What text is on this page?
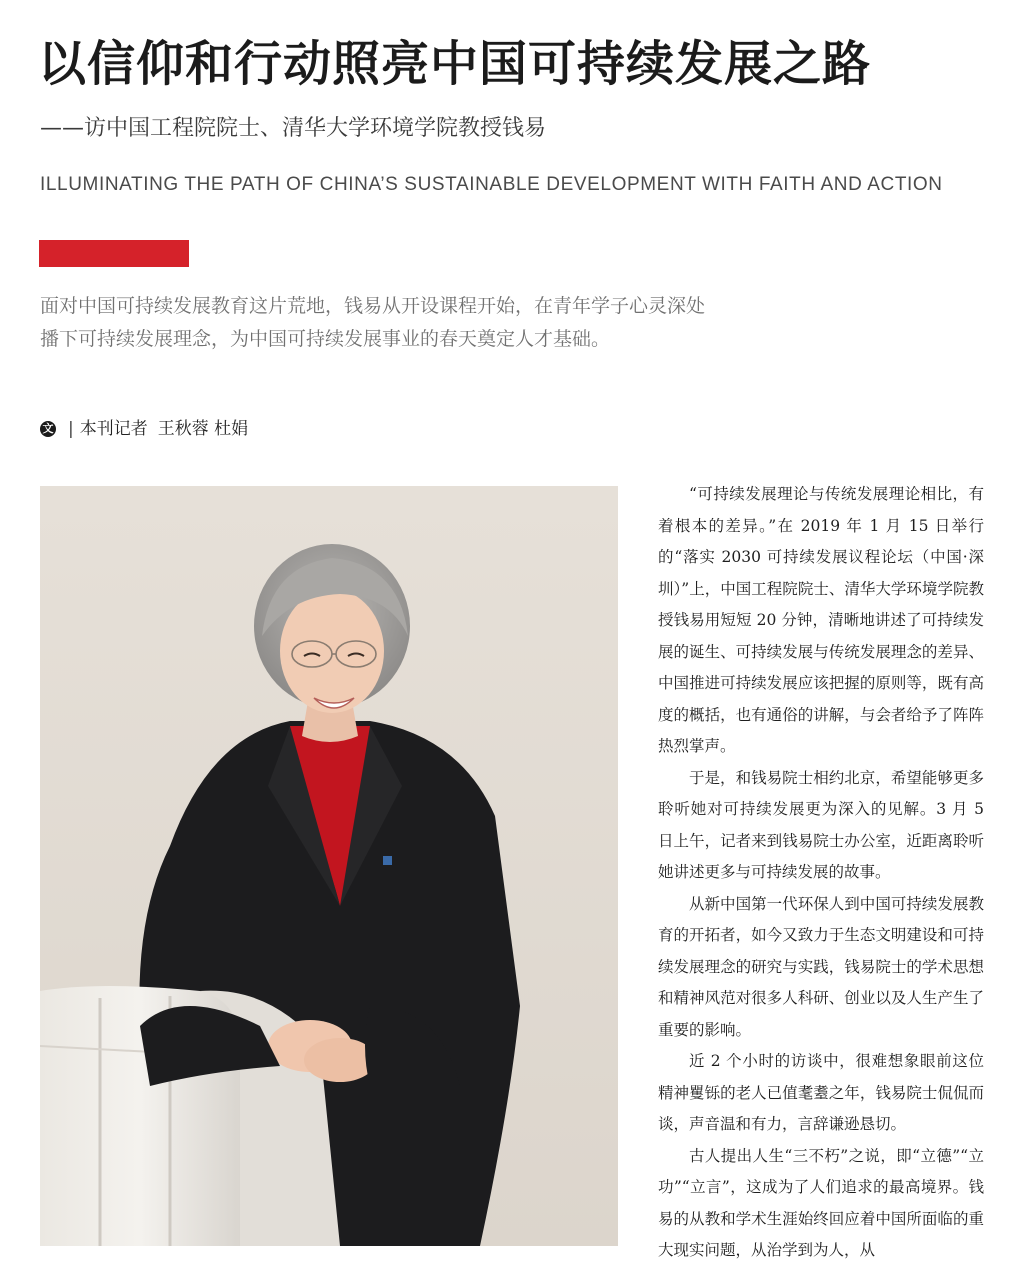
以信仰和行动照亮中国可持续发展之路
——访中国工程院院士、清华大学环境学院教授钱易
ILLUMINATING THE PATH OF CHINA’S SUSTAINABLE DEVELOPMENT WITH FAITH AND ACTION

面对中国可持续发展教育这片荒地，钱易从开设课程开始，在青年学子心灵深处

播下可持续发展理念，为中国可持续发展事业的春天奠定人才基础。

文 | 本刊记者 王秋蓉 杜娟

“可持续发展理论与传统发展理论相比，有着根本的差异。”在 2019 年 1 月 15 日举行的“落实 2030 可持续发展议程论坛（中国·深圳）”上，中国工程院院士、清华大学环境学院教授钱易用短短 20 分钟，清晰地讲述了可持续发展的诞生、可持续发展与传统发展理念的差异、中国推进可持续发展应该把握的原则等，既有高度的概括，也有通俗的讲解，与会者给予了阵阵热烈掌声。

于是，和钱易院士相约北京，希望能够更多聆听她对可持续发展更为深入的见解。3 月 5 日上午，记者来到钱易院士办公室，近距离聆听她讲述更多与可持续发展的故事。

从新中国第一代环保人到中国可持续发展教育的开拓者，如今又致力于生态文明建设和可持续发展理念的研究与实践，钱易院士的学术思想和精神风范对很多人科研、创业以及人生产生了重要的影响。

近 2 个小时的访谈中，很难想象眼前这位精神矍铄的老人已值耄耋之年，钱易院士侃侃而谈，声音温和有力，言辞谦逊恳切。

古人提出人生“三不朽”之说，即“立德”“立功”“立言”，这成为了人们追求的最高境界。钱易的从教和学术生涯始终回应着中国所面临的重大现实问题，从治学到为人，从
